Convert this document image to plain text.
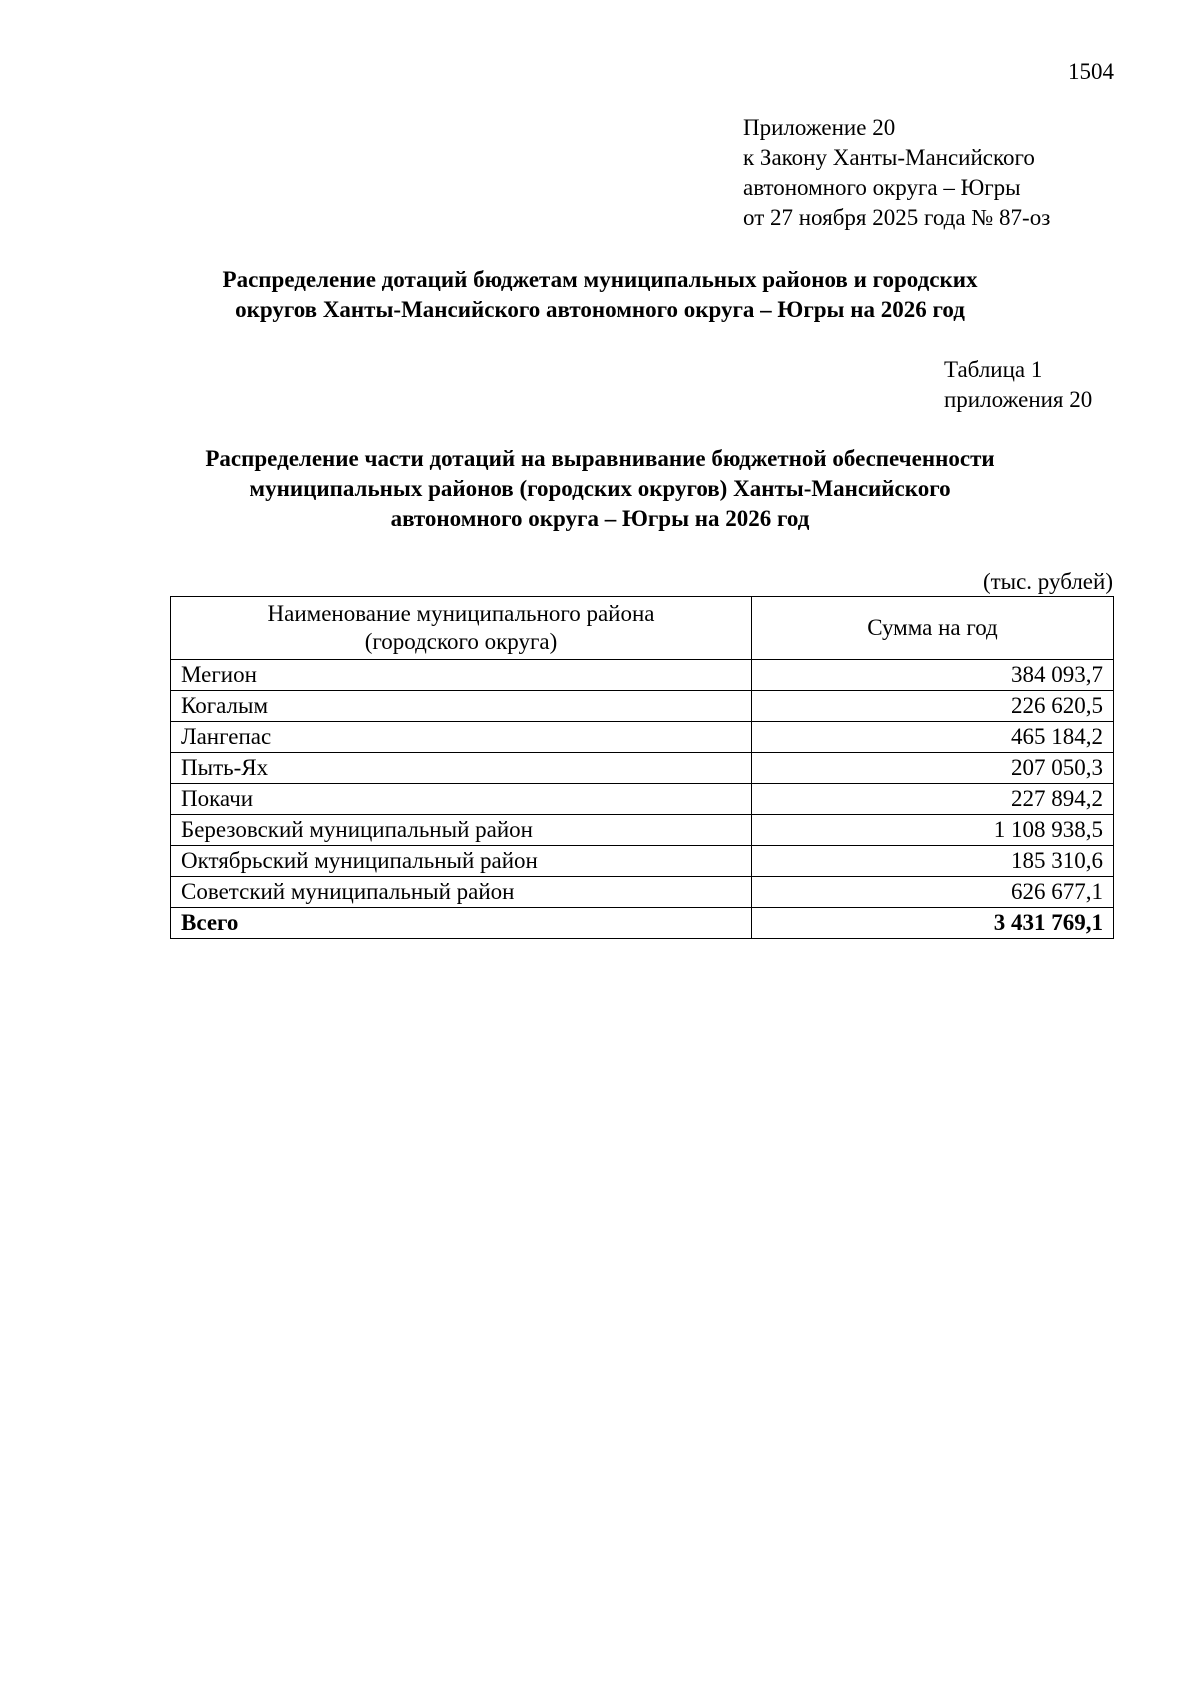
1504
Приложение 20
к Закону Ханты-Мансийского
автономного округа – Югры
от 27 ноября 2025 года № 87-оз
Распределение дотаций бюджетам муниципальных районов и городских
округов Ханты-Мансийского автономного округа – Югры на 2026 год
Таблица 1
приложения 20
Распределение части дотаций на выравнивание бюджетной обеспеченности
муниципальных районов (городских округов) Ханты-Мансийского
автономного округа – Югры на 2026 год
(тыс. рублей)
Наименование муниципального района
(городского округа)	Сумма на год
Мегион	384 093,7
Когалым	226 620,5
Лангепас	465 184,2
Пыть-Ях	207 050,3
Покачи	227 894,2
Березовский муниципальный район	1 108 938,5
Октябрьский муниципальный район	185 310,6
Советский муниципальный район	626 677,1
Всего	3 431 769,1
